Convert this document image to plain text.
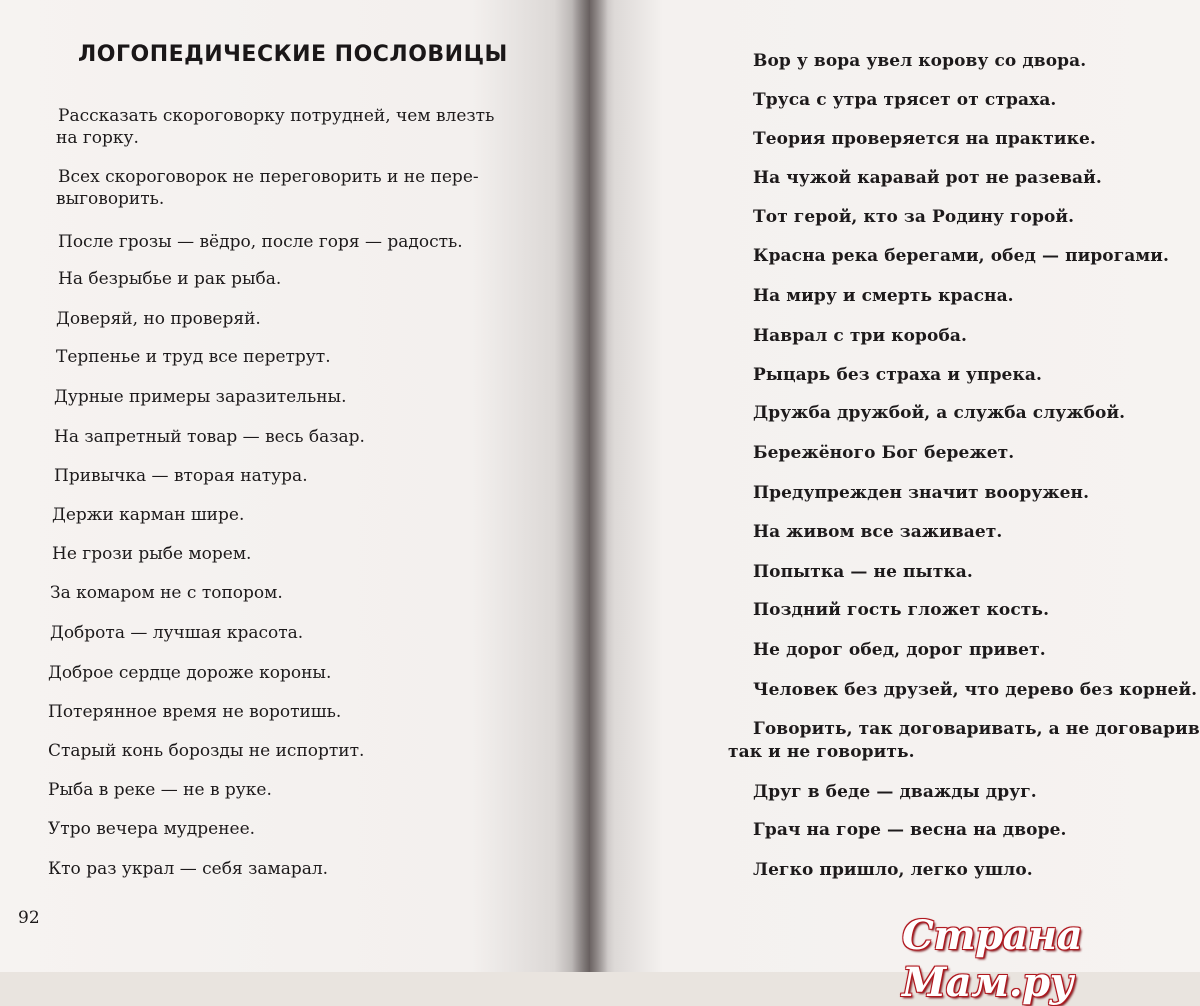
ЛОГОПЕДИЧЕСКИЕ ПОСЛОВИЦЫ

Рассказать скороговорку потрудней, чем влезть

на горку.

Всех скороговорок не переговорить и не пере-

выговорить.

После грозы — вёдро, после горя — радость.

На безрыбье и рак рыба.

Доверяй, но проверяй.

Терпенье и труд все перетрут.

Дурные примеры заразительны.

На запретный товар — весь базар.

Привычка — вторая натура.

Держи карман шире.

Не грози рыбе морем.

За комаром не с топором.

Доброта — лучшая красота.

Доброе сердце дороже короны.

Потерянное время не воротишь.

Старый конь борозды не испортит.

Рыба в реке — не в руке.

Утро вечера мудренее.

Кто раз украл — себя замарал.

92

Вор у вора увел корову со двора.

Труса с утра трясет от страха.

Теория проверяется на практике.

На чужой каравай рот не разевай.

Тот герой, кто за Родину горой.

Красна река берегами, обед — пирогами.

На миру и смерть красна.

Наврал с три короба.

Рыцарь без страха и упрека.

Дружба дружбой, а служба службой.

Бережёного Бог бережет.

Предупрежден значит вооружен.

На живом все заживает.

Попытка — не пытка.

Поздний гость гложет кость.

Не дорог обед, дорог привет.

Человек без друзей, что дерево без корней.

Говорить, так договаривать, а не договарив

так и не говорить.

Друг в беде — дважды друг.

Грач на горе — весна на дворе.

Легко пришло, легко ушло.

Страна Мам.ру
